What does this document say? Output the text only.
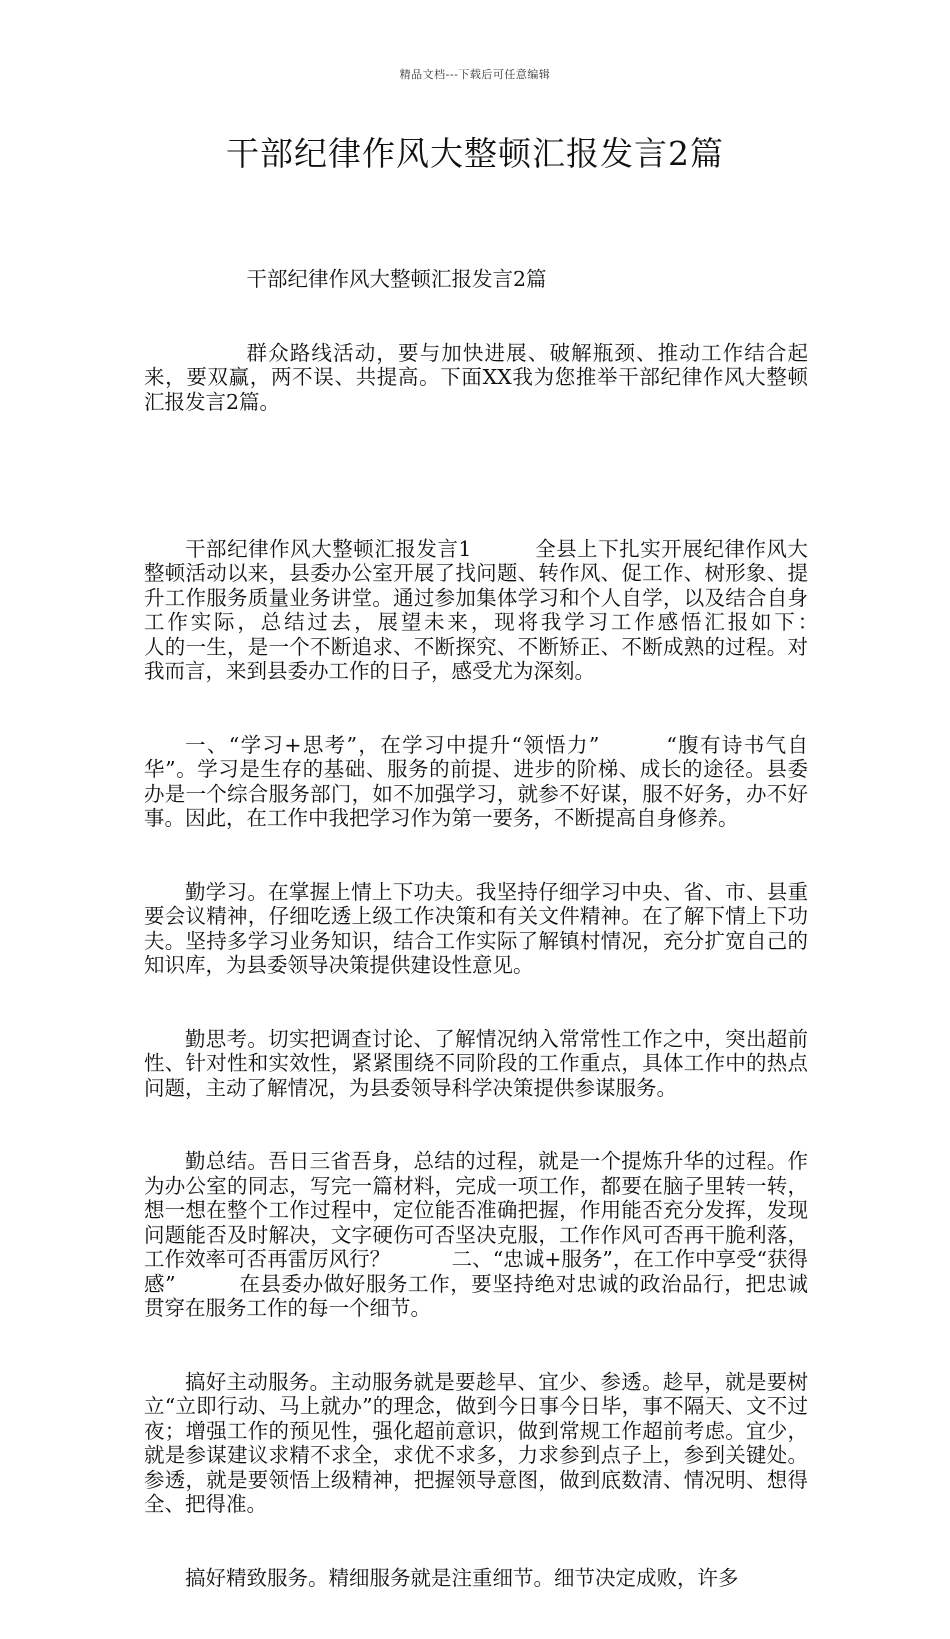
精品文档---下载后可任意编辑
干部纪律作风大整顿汇报发言2篇

干部纪律作风大整顿汇报发言2篇

群众路线活动，要与加快进展、破解瓶颈、推动工作结合起来，要双赢，两不误、共提高。下面XX我为您推举干部纪律作风大整顿汇报发言2篇。

干部纪律作风大整顿汇报发言1　　　全县上下扎实开展纪律作风大整顿活动以来，县委办公室开展了找问题、转作风、促工作、树形象、提升工作服务质量业务讲堂。通过参加集体学习和个人自学，以及结合自身工作实际，总结过去，展望未来，现将我学习工作感悟汇报如下：　　　人的一生，是一个不断追求、不断探究、不断矫正、不断成熟的过程。对我而言，来到县委办工作的日子，感受尤为深刻。

一、“学习+思考”，在学习中提升“领悟力”　　　“腹有诗书气自华”。学习是生存的基础、服务的前提、进步的阶梯、成长的途径。县委办是一个综合服务部门，如不加强学习，就参不好谋，服不好务，办不好事。因此，在工作中我把学习作为第一要务，不断提高自身修养。

勤学习。在掌握上情上下功夫。我坚持仔细学习中央、省、市、县重要会议精神，仔细吃透上级工作决策和有关文件精神。在了解下情上下功夫。坚持多学习业务知识，结合工作实际了解镇村情况，充分扩宽自己的知识库，为县委领导决策提供建设性意见。

勤思考。切实把调查讨论、了解情况纳入常常性工作之中，突出超前性、针对性和实效性，紧紧围绕不同阶段的工作重点，具体工作中的热点问题，主动了解情况，为县委领导科学决策提供参谋服务。

勤总结。吾日三省吾身，总结的过程，就是一个提炼升华的过程。作为办公室的同志，写完一篇材料，完成一项工作，都要在脑子里转一转，想一想在整个工作过程中，定位能否准确把握，作用能否充分发挥，发现问题能否及时解决，文字硬伤可否坚决克服，工作作风可否再干脆利落，工作效率可否再雷厉风行？　　　二、“忠诚+服务”，在工作中享受“获得感”　　　在县委办做好服务工作，要坚持绝对忠诚的政治品行，把忠诚贯穿在服务工作的每一个细节。

搞好主动服务。主动服务就是要趁早、宜少、参透。趁早，就是要树立“立即行动、马上就办”的理念，做到今日事今日毕，事不隔天、文不过夜；增强工作的预见性，强化超前意识，做到常规工作超前考虑。宜少，就是参谋建议求精不求全，求优不求多，力求参到点子上，参到关键处。参透，就是要领悟上级精神，把握领导意图，做到底数清、情况明、想得全、把得准。

搞好精致服务。精细服务就是注重细节。细节决定成败，许多
